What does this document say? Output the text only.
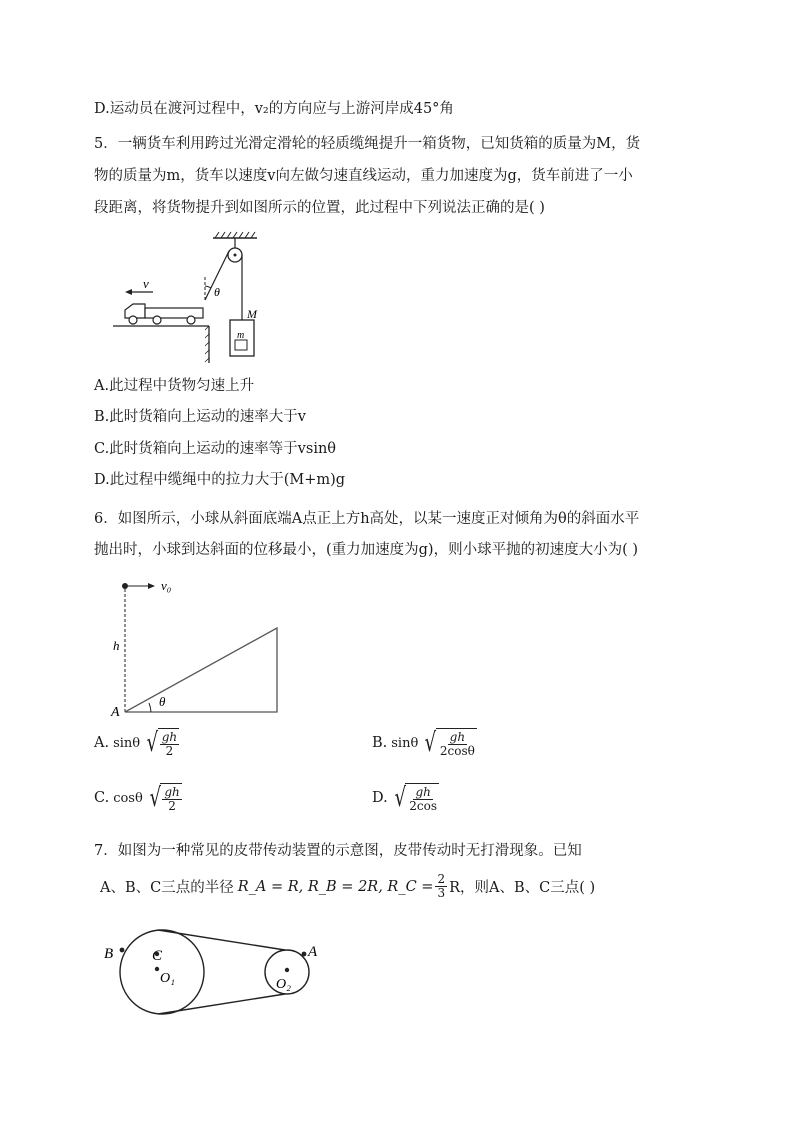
D.运动员在渡河过程中，v₂的方向应与上游河岸成45°角
5．一辆货车利用跨过光滑定滑轮的轻质缆绳提升一箱货物，已知货箱的质量为M，货
物的质量为m，货车以速度v向左做匀速直线运动，重力加速度为g，货车前进了一小
段距离，将货物提升到如图所示的位置，此过程中下列说法正确的是( )
θ
v
M
m
A.此过程中货物匀速上升
B.此时货箱向上运动的速率大于v
C.此时货箱向上运动的速率等于vsinθ
D.此过程中缆绳中的拉力大于(M+m)g
6．如图所示，小球从斜面底端A点正上方h高处，以某一速度正对倾角为θ的斜面水平
抛出时，小球到达斜面的位移最小，(重力加速度为g)，则小球平抛的初速度大小为( )
v₀
h
θ
A
A. sinθ √ $\frac{gh}{2}$	B. sinθ √ $\frac{gh}{2\cos\theta}$
C. cosθ √ $\frac{gh}{2}$	D. √ $\frac{gh}{2\cos}$
7．如图为一种常见的皮带传动装置的示意图，皮带传动时无打滑现象。已知
A、B、C三点的半径 R_A = R, R_B = 2R, R_C = $\frac{2}{3}$ R，则A、B、C三点( )
B	C
O₁
A
O₂
